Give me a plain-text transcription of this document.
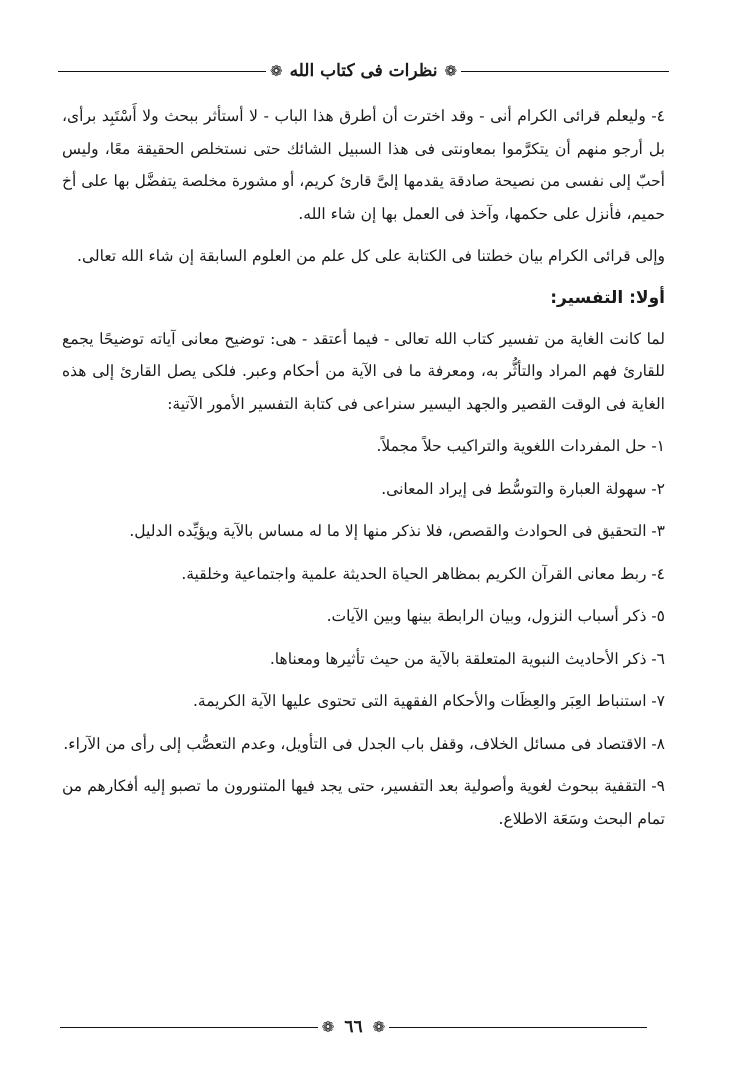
❁ نظرات فى كتاب الله ❁

٤- وليعلم قرائى الكرام أنى - وقد اخترت أن أطرق هذا الباب - لا أستأثر ببحث ولا أَسْتَبِد برأى، بل أرجو منهم أن يتكرَّموا بمعاونتى فى هذا السبيل الشائك حتى نستخلص الحقيقة معًا، وليس أحبّ إلى نفسى من نصيحة صادقة يقدمها إلىَّ قارئ كريم، أو مشورة مخلصة يتفضَّل بها على أخ حميم، فأنزل على حكمها، وآخذ فى العمل بها إن شاء الله.

وإلى قرائى الكرام بيان خطتنا فى الكتابة على كل علم من العلوم السابقة إن شاء الله تعالى.

أولا: التفسير:

لما كانت الغاية من تفسير كتاب الله تعالى - فيما أعتقد - هى: توضيح معانى آياته توضيحًا يجمع للقارئ فهم المراد والتأثُّر به، ومعرفة ما فى الآية من أحكام وعبر. فلكى يصل القارئ إلى هذه الغاية فى الوقت القصير والجهد اليسير سنراعى فى كتابة التفسير الأمور الآتية:

١- حل المفردات اللغوية والتراكيب حلاً مجملاً.

٢- سهولة العبارة والتوسُّط فى إيراد المعانى.

٣- التحقيق فى الحوادث والقصص، فلا نذكر منها إلا ما له مساس بالآية ويؤيِّده الدليل.

٤- ربط معانى القرآن الكريم بمظاهر الحياة الحديثة علمية واجتماعية وخلقية.

٥- ذكر أسباب النزول، وبيان الرابطة بينها وبين الآيات.

٦- ذكر الأحاديث النبوية المتعلقة بالآية من حيث تأثيرها ومعناها.

٧- استنباط العِبَر والعِظَات والأحكام الفقهية التى تحتوى عليها الآية الكريمة.

٨- الاقتصاد فى مسائل الخلاف، وقفل باب الجدل فى التأويل، وعدم التعصُّب إلى رأى من الآراء.

٩- التقفية ببحوث لغوية وأصولية بعد التفسير، حتى يجد فيها المتنورون ما تصبو إليه أفكارهم من تمام البحث وسَعَة الاطلاع.

❁ ٦٦ ❁
